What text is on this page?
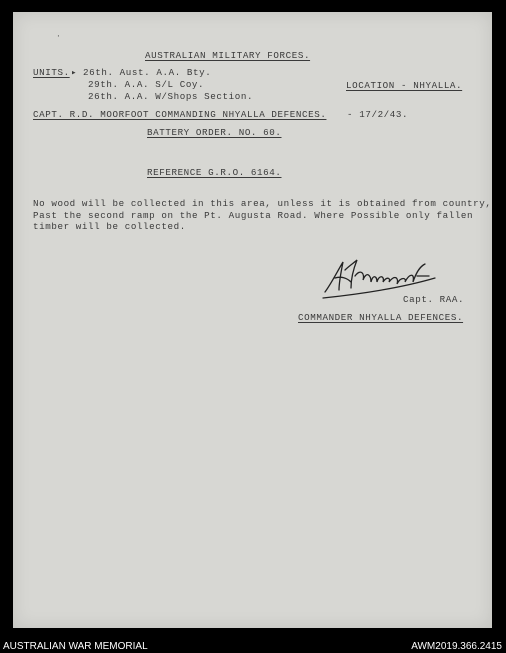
·
AUSTRALIAN MILITARY FORCES.
UNITS. ▸ 26th. Aust. A.A. Bty.
29th. A.A. S/L Coy.
26th. A.A. W/Shops Section.
LOCATION - NHYALLA.
CAPT. R.D. MOORFOOT COMMANDING NHYALLA DEFENCES. - 17/2/43.
BATTERY ORDER. NO. 60.
REFERENCE G.R.O. 6164.
No wood will be collected in this area, unless it is obtained from country,
Past the second ramp on the Pt. Augusta Road. Where Possible only fallen
timber will be collected.
Capt. RAA.
COMMANDER NHYALLA DEFENCES.
AUSTRALIAN WAR MEMORIAL	AWM2019.366.2415
